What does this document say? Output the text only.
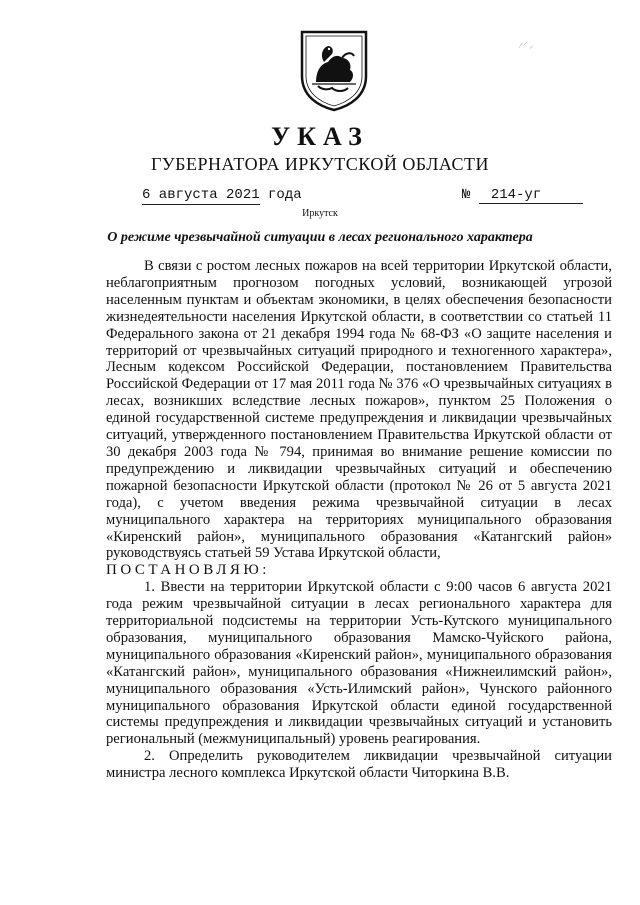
⁄ ⸍ ⸝
УКАЗ
ГУБЕРНАТОРА ИРКУТСКОЙ ОБЛАСТИ
6 августа 2021 года	№ 214-уг
Иркутск
О режиме чрезвычайной ситуации в лесах регионального характера

В связи с ростом лесных пожаров на всей территории Иркутской области, неблагоприятным прогнозом погодных условий, возникающей угрозой населенным пунктам и объектам экономики, в целях обеспечения безопасности жизнедеятельности населения Иркутской области, в соответствии со статьей 11 Федерального закона от 21 декабря 1994 года № 68-ФЗ «О защите населения и территорий от чрезвычайных ситуаций природного и техногенного характера», Лесным кодексом Российской Федерации, постановлением Правительства Российской Федерации от 17 мая 2011 года № 376 «О чрезвычайных ситуациях в лесах, возникших вследствие лесных пожаров», пунктом 25 Положения о единой государственной системе предупреждения и ликвидации чрезвычайных ситуаций, утвержденного постановлением Правительства Иркутской области от 30 декабря 2003 года № 794, принимая во внимание решение комиссии по предупреждению и ликвидации чрезвычайных ситуаций и обеспечению пожарной безопасности Иркутской области (протокол № 26 от 5 августа 2021 года), с учетом введения режима чрезвычайной ситуации в лесах муниципального характера на территориях муниципального образования «Киренский район», муниципального образования «Катангский район» руководствуясь статьей 59 Устава Иркутской области,

ПОСТАНОВЛЯЮ:

1. Ввести на территории Иркутской области с 9:00 часов 6 августа 2021 года режим чрезвычайной ситуации в лесах регионального характера для территориальной подсистемы на территории Усть-Кутского муниципального образования, муниципального образования Мамско-Чуйского района, муниципального образования «Киренский район», муниципального образования «Катангский район», муниципального образования «Нижнеилимский район», муниципального образования «Усть-Илимский район», Чунского районного муниципального образования Иркутской области единой государственной системы предупреждения и ликвидации чрезвычайных ситуаций и установить региональный (межмуниципальный) уровень реагирования.

2. Определить руководителем ликвидации чрезвычайной ситуации министра лесного комплекса Иркутской области Читоркина В.В.
